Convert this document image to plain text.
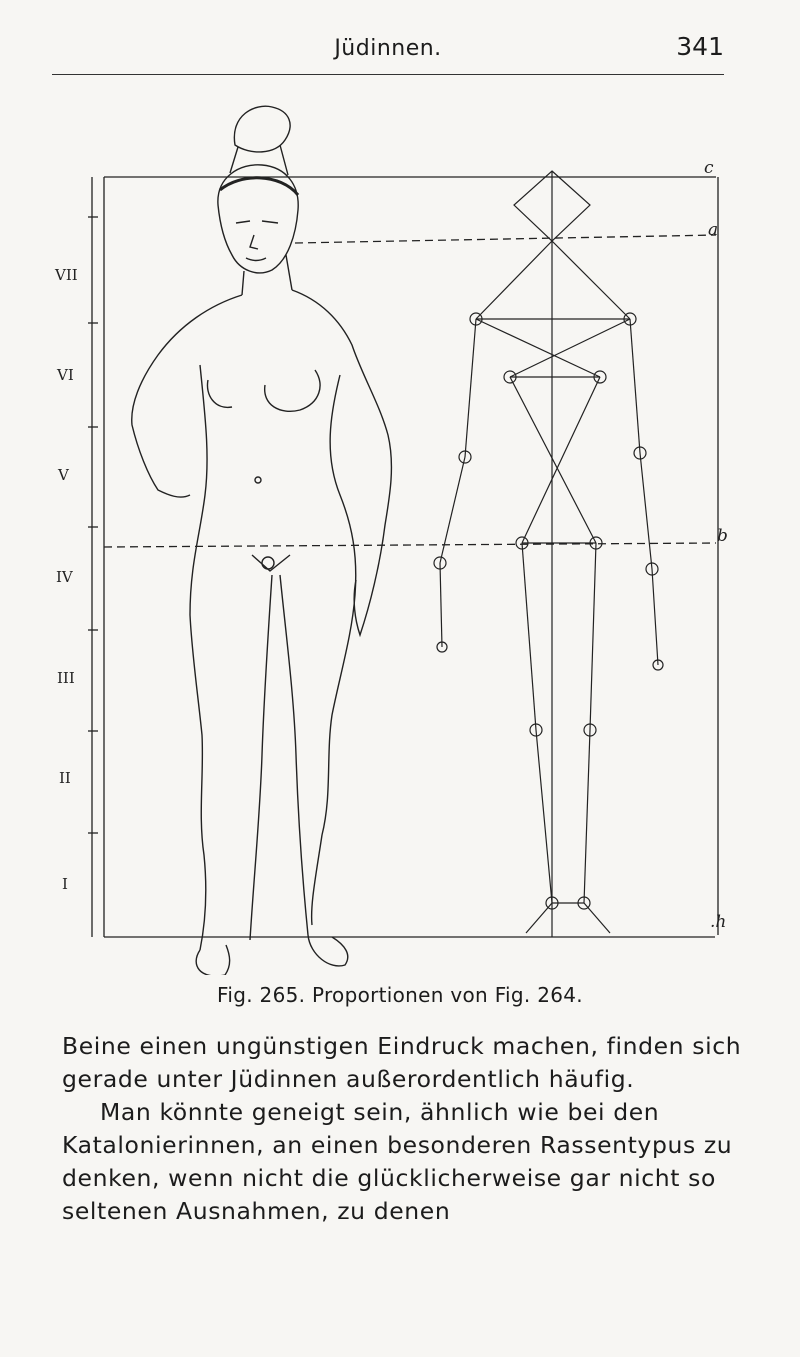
Jüdinnen.	341
VII
VI
V
IV
III
II
I
c
a
b
.h
Fig. 265. Proportionen von Fig. 264.

Beine einen ungünstigen Eindruck machen, finden sich gerade unter Jüdinnen außerordentlich häufig.

Man könnte geneigt sein, ähnlich wie bei den Katalonierinnen, an einen besonderen Rassentypus zu denken, wenn nicht die glücklicherweise gar nicht so seltenen Ausnahmen, zu denen
